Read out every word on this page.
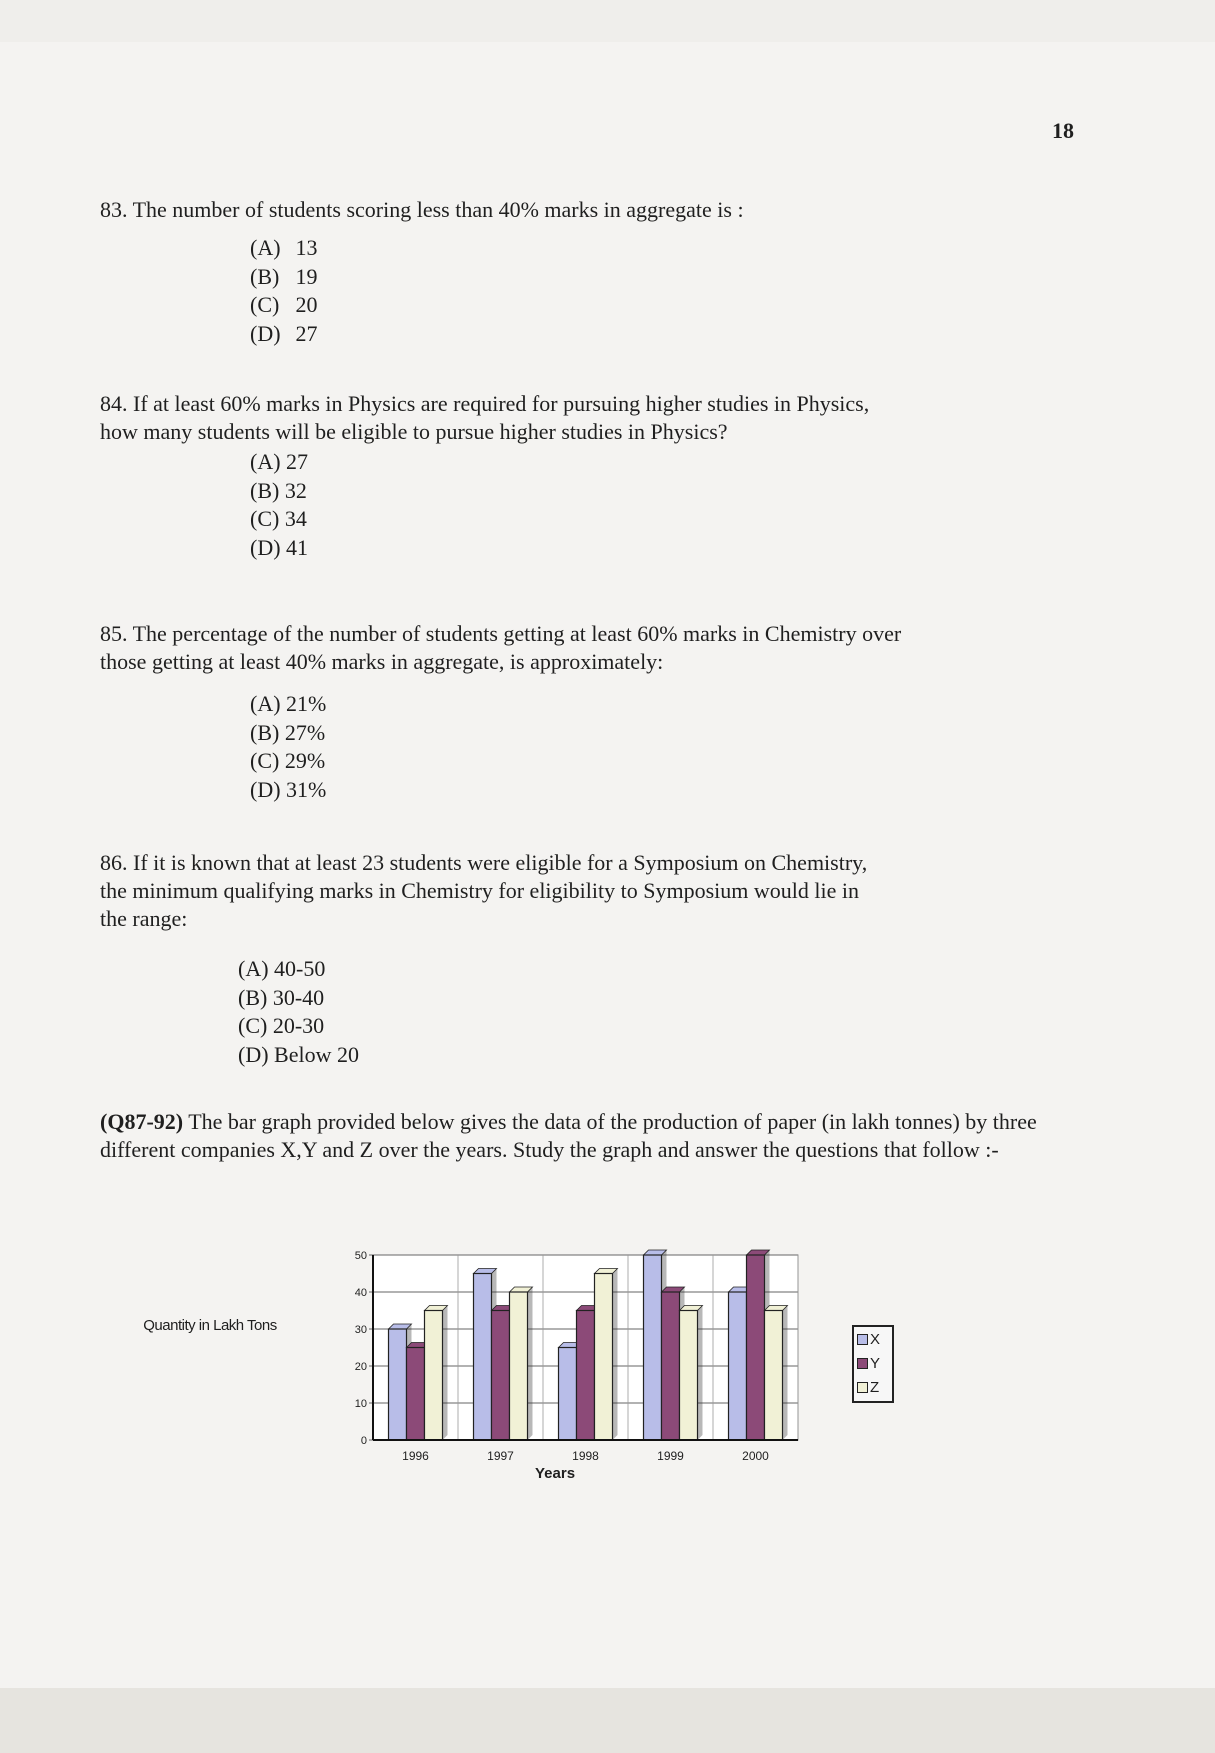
18

83. The number of students scoring less than 40% marks in aggregate is :

(A) 13
(B) 19
(C) 20
(D) 27

84. If at least 60% marks in Physics are required for pursuing higher studies in Physics, how many students will be eligible to pursue higher studies in Physics?

(A) 27
(B) 32
(C) 34
(D) 41

85. The percentage of the number of students getting at least 60% marks in Chemistry over those getting at least 40% marks in aggregate, is approximately:

(A) 21%
(B) 27%
(C) 29%
(D) 31%

86. If it is known that at least 23 students were eligible for a Symposium on Chemistry, the minimum qualifying marks in Chemistry for eligibility to Symposium would lie in the range:

(A) 40-50
(B) 30-40
(C) 20-30
(D) Below 20

(Q87-92) The bar graph provided below gives the data of the production of paper (in lakh tonnes) by three different companies X,Y and Z over the years. Study the graph and answer the questions that follow :-

Quantity in Lakh Tons
0
10
20
30
40
50
1996	1997	1998	1999	2000
Years
X
Y
Z
